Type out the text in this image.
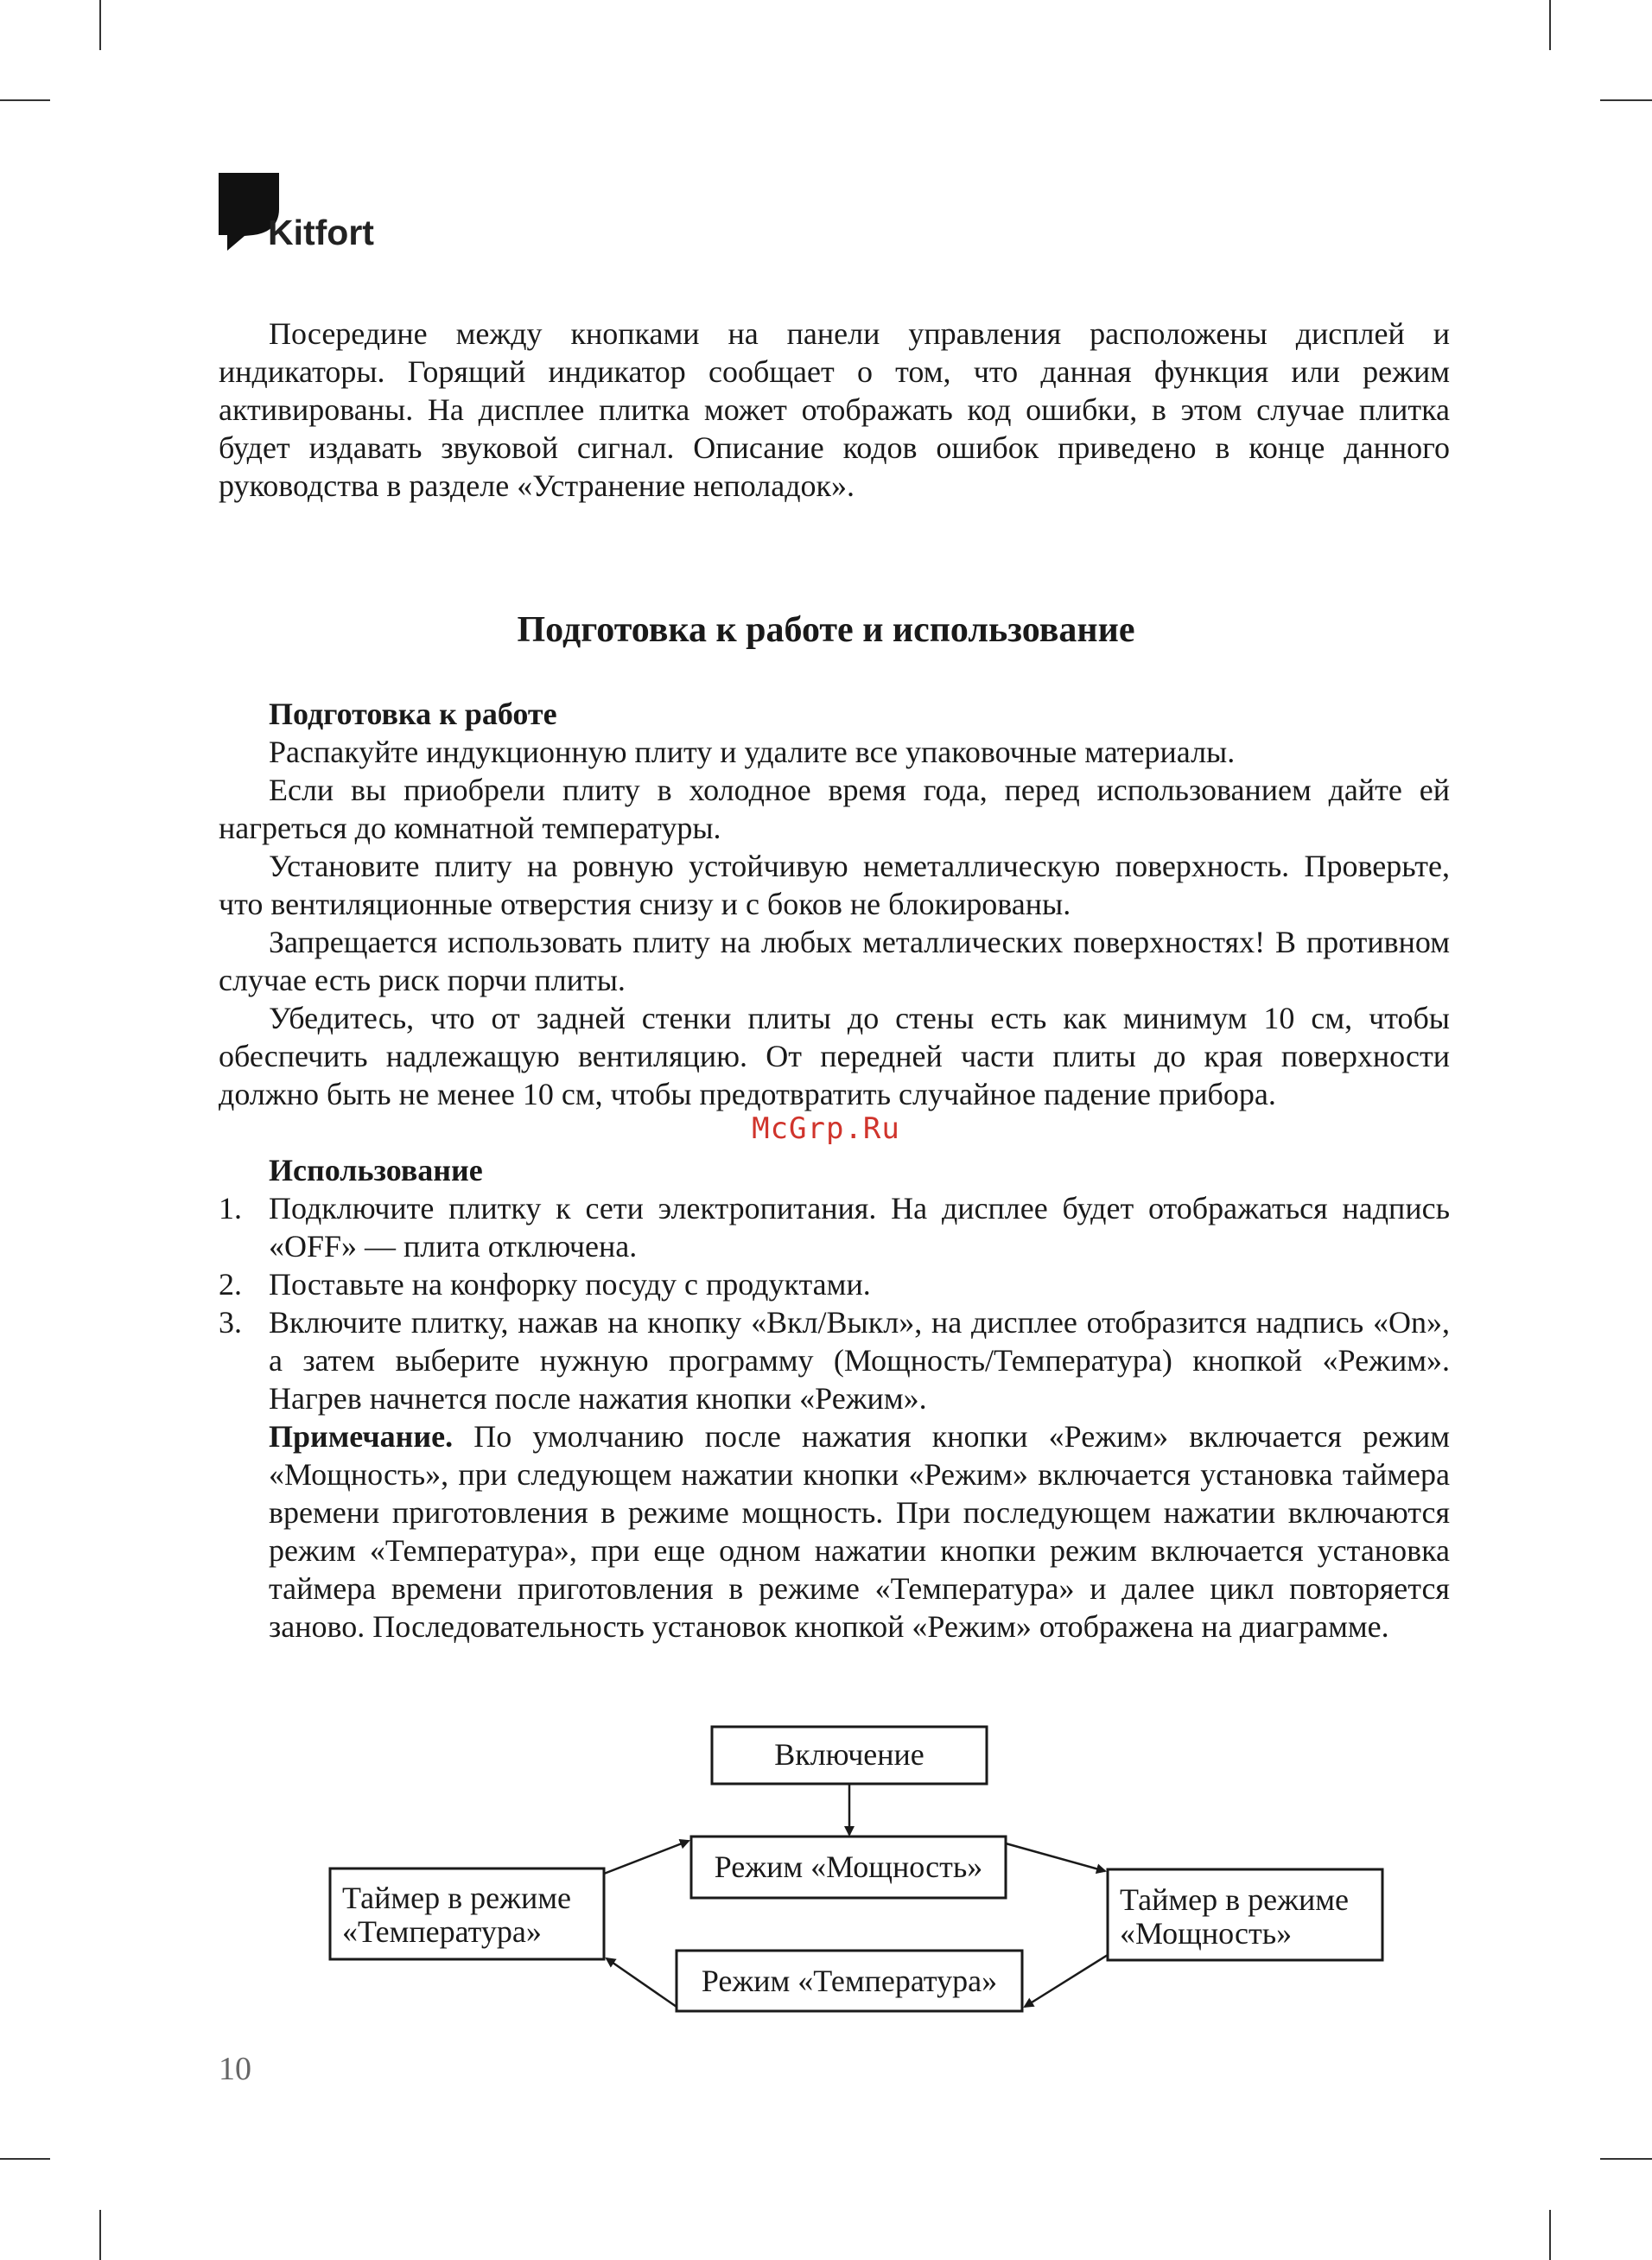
Kitfort
Посередине между кнопками на панели управления расположены дисплей и индикаторы. Горящий индикатор сообщает о том, что данная функция или режим активированы. На дисплее плитка может отображать код ошибки, в этом случае плитка будет издавать звуковой сигнал. Описание кодов ошибок приведено в конце данного руководства в разделе «Устранение неполадок».
Подготовка к работе и использование

Подготовка к работе

Распакуйте индукционную плиту и удалите все упаковочные материалы.

Если вы приобрели плиту в холодное время года, перед использованием дайте ей нагреться до комнатной температуры.

Установите плиту на ровную устойчивую неметаллическую поверхность. Проверьте, что вентиляционные отверстия снизу и с боков не блокированы.

Запрещается использовать плиту на любых металлических поверхностях! В противном случае есть риск порчи плиты.

Убедитесь, что от задней стенки плиты до стены есть как минимум 10 см, чтобы обеспечить надлежащую вентиляцию. От передней части плиты до края поверхности должно быть не менее 10 см, чтобы предотвратить случайное падение прибора.

McGrp.Ru

Использование

1. Подключите плитку к сети электропитания. На дисплее будет отображаться надпись «OFF» — плита отключена.
2. Поставьте на конфорку посуду с продуктами.
3. Включите плитку, нажав на кнопку «Вкл/Выкл», на дисплее отобразится надпись «On», а затем выберите нужную программу (Мощность/Температура) кнопкой «Режим». Нагрев начнется после нажатия кнопки «Режим».

Примечание. По умолчанию после нажатия кнопки «Режим» включается режим «Мощность», при следующем нажатии кнопки «Режим» включается установка таймера времени приготовления в режиме мощность. При последующем нажатии включаются режим «Температура», при еще одном нажатии кнопки режим включается установка таймера времени приготовления в режиме «Температура» и далее цикл повторяется заново. Последовательность установок кнопкой «Режим» отображена на диаграмме.

Включение
Режим «Мощность»
Таймер в режиме
«Мощность»
Режим «Температура»
Таймер в режиме
«Температура»
10
